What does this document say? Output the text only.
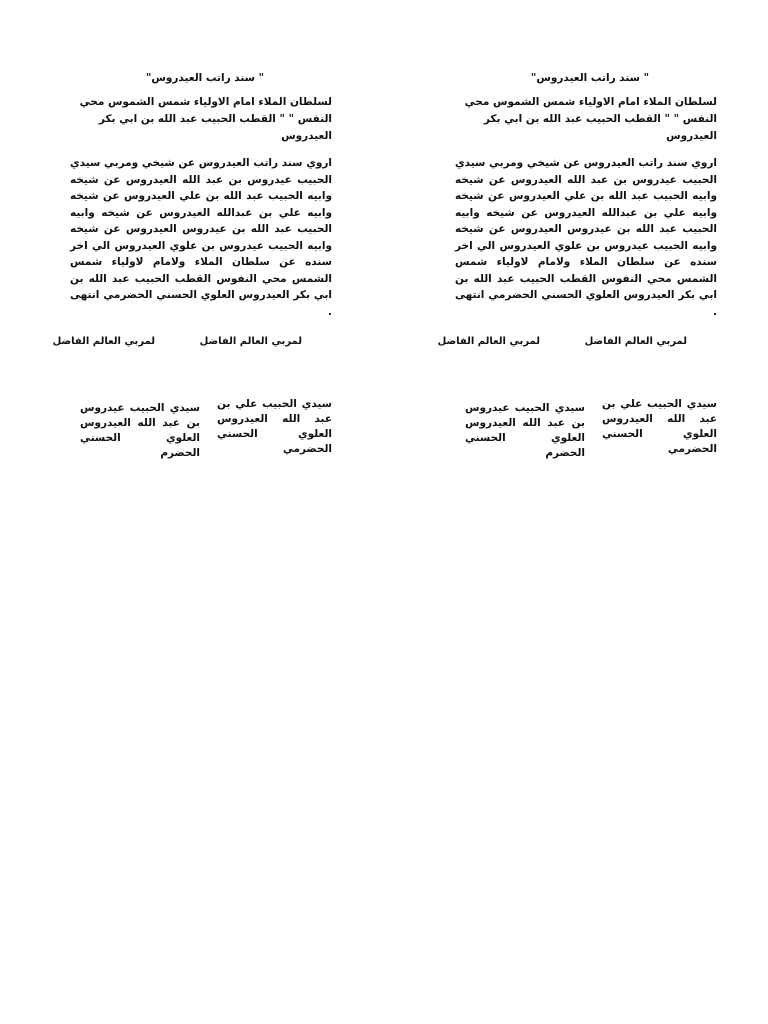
" سند راتب العيدروس"
لسلطان الملاء امام الاولياء شمس الشموس محي النفس " " القطب الحبيب عبد الله بن ابي بكر العيدروس
اروي سند راتب العيدروس عن شيخي ومربي سيدي الحبيب عيدروس بن عبد الله العيدروس عن شيخه وابيه الحبيب عبد الله بن علي العيدروس عن شيخه وابيه علي بن عبدالله العيدروس عن شيخه وابيه الحبيب عبد الله بن عيدروس العيدروس عن شيخه وابيه الحبيب عيدروس بن علوي العيدروس الي اخر سنده عن سلطان الملاء ولامام لاولياء شمس الشمس محي النفوس القطب الحبيب عبد الله بن ابي بكر العيدروس العلوي الحسني الحضرمي انتهى .
لمربي العالم الفاضل
لمربي العالم الفاضل
سيدي الحبيب علي بن عبد الله العيدروس العلوي الحسني الحضرمي
سيدي الحبيب عيدروس بن عبد الله العيدروس العلوي الحسني الحضرم
" سند راتب العيدروس"
لسلطان الملاء امام الاولياء شمس الشموس محي النفس " " القطب الحبيب عبد الله بن ابي بكر العيدروس
اروي سند راتب العيدروس عن شيخي ومربي سيدي الحبيب عيدروس بن عبد الله العيدروس عن شيخه وابيه الحبيب عبد الله بن علي العيدروس عن شيخه وابيه علي بن عبدالله العيدروس عن شيخه وابيه الحبيب عبد الله بن عيدروس العيدروس عن شيخه وابيه الحبيب عيدروس بن علوي العيدروس الي اخر سنده عن سلطان الملاء ولامام لاولياء شمس الشمس محي النفوس القطب الحبيب عبد الله بن ابي بكر العيدروس العلوي الحسني الحضرمي انتهى .
لمربي العالم الفاضل
لمربي العالم الفاضل
سيدي الحبيب علي بن عبد الله العيدروس العلوي الحسني الحضرمي
سيدي الحبيب عيدروس بن عبد الله العيدروس العلوي الحسني الحضرم
